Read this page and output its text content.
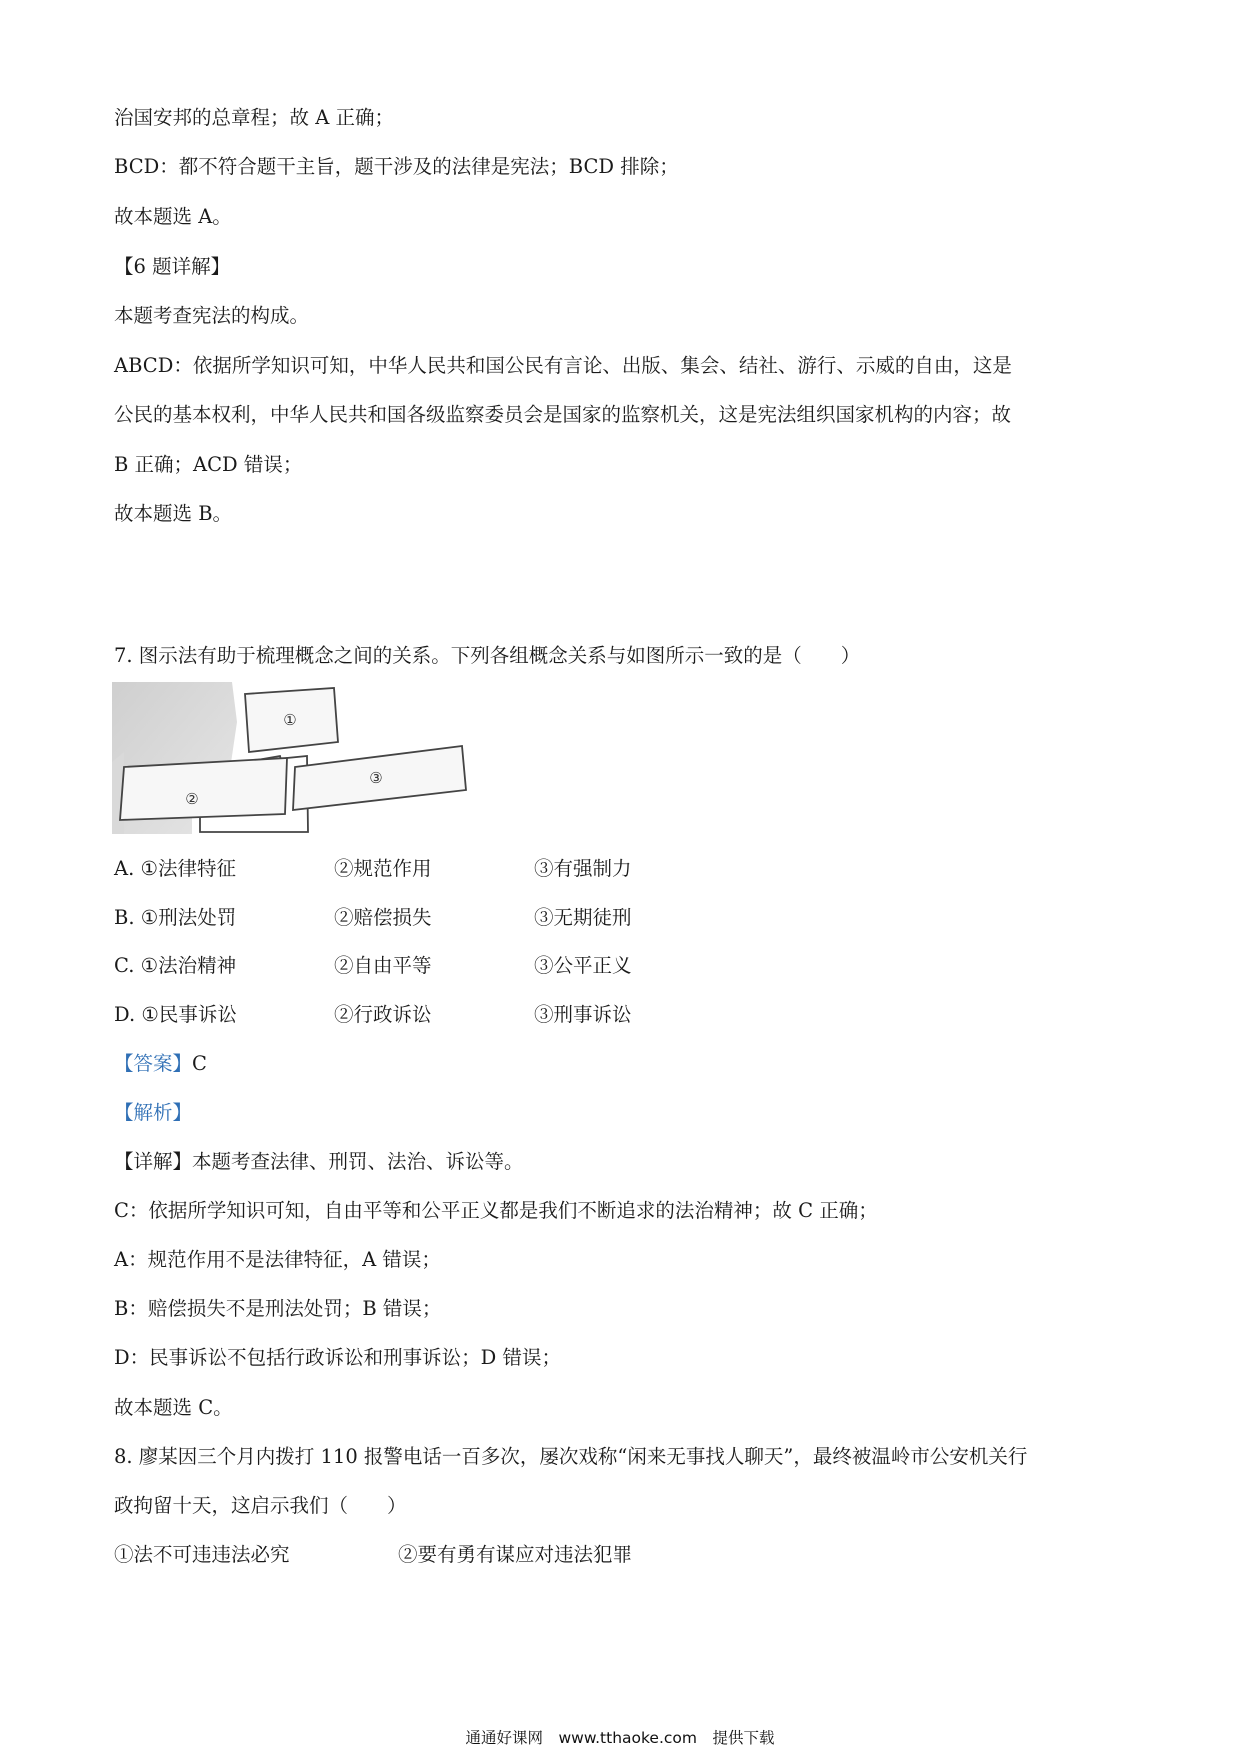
治国安邦的总章程；故 A 正确；
BCD：都不符合题干主旨，题干涉及的法律是宪法；BCD 排除；
故本题选 A。
【6 题详解】
本题考查宪法的构成。
ABCD：依据所学知识可知，中华人民共和国公民有言论、出版、集会、结社、游行、示威的自由，这是
公民的基本权利，中华人民共和国各级监察委员会是国家的监察机关，这是宪法组织国家机构的内容；故
B 正确；ACD 错误；
故本题选 B。
7. 图示法有助于梳理概念之间的关系。下列各组概念关系与如图所示一致的是（　　）
①
②
③
A. ①法律特征	②规范作用	③有强制力
B. ①刑法处罚	②赔偿损失	③无期徒刑
C. ①法治精神	②自由平等	③公平正义
D. ①民事诉讼	②行政诉讼	③刑事诉讼
【答案】C
【解析】
【详解】本题考查法律、刑罚、法治、诉讼等。
C：依据所学知识可知，自由平等和公平正义都是我们不断追求的法治精神；故 C 正确；
A：规范作用不是法律特征，A 错误；
B：赔偿损失不是刑法处罚；B 错误；
D：民事诉讼不包括行政诉讼和刑事诉讼；D 错误；
故本题选 C。
8. 廖某因三个月内拨打 110 报警电话一百多次，屡次戏称“闲来无事找人聊天”，最终被温岭市公安机关行
政拘留十天，这启示我们（　　）
①法不可违违法必究	②要有勇有谋应对违法犯罪
通通好课网　www.tthaoke.com　提供下载
